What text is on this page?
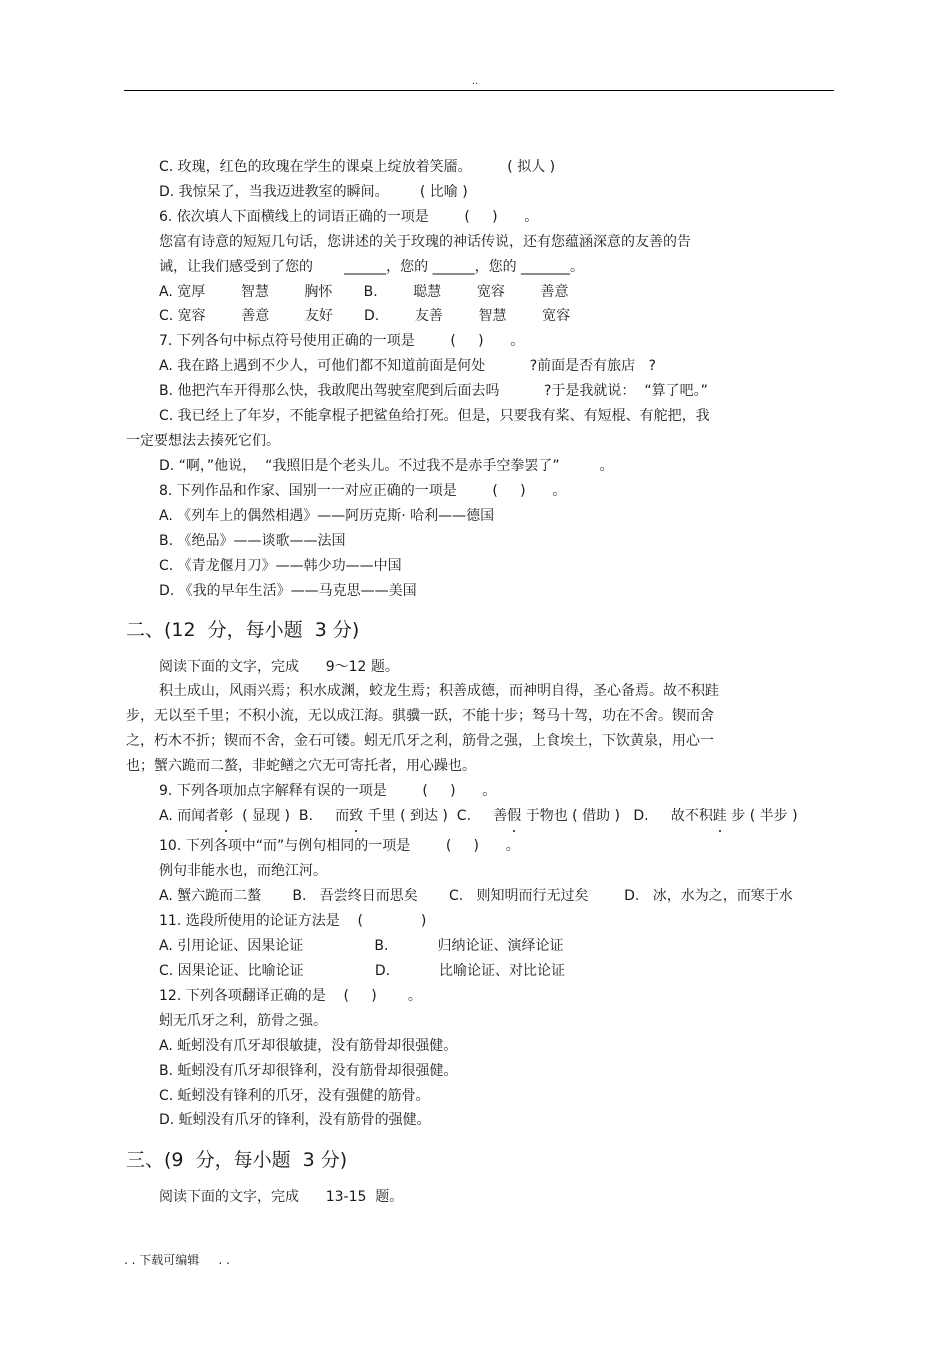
..
C. 玫瑰，红色的玫瑰在学生的课桌上绽放着笑靥。        ( 拟人 )
D. 我惊呆了，当我迈进教室的瞬间。       ( 比喻 )
6. 依次填人下面横线上的词语正确的一项是        (     )      。
您富有诗意的短短几句话，您讲述的关于玫瑰的神话传说，还有您蕴涵深意的友善的告
诫，让我们感受到了您的       ______，您的 ______，您的 _______。
A. 宽厚        智慧        胸怀       B.        聪慧        宽容        善意
C. 宽容        善意        友好       D.        友善        智慧        宽容
7. 下列各句中标点符号使用正确的一项是        (     )      。
A. 我在路上遇到不少人，可他们都不知道前面是何处          ?前面是否有旅店   ?
B. 他把汽车开得那么快，我敢爬出驾驶室爬到后面去吗          ?于是我就说：  “算了吧。”
C. 我已经上了年岁，不能拿棍子把鲨鱼给打死。但是，只要我有桨、有短棍、有舵把，我
一定要想法去揍死它们。
D. “啊，”他说，  “我照旧是个老头儿。不过我不是赤手空拳罢了”         。
8. 下列作品和作家、国别一一对应正确的一项是        (     )      。
A. 《列车上的偶然相遇》——阿历克斯· 哈利——德国
B. 《绝品》——谈歌——法国
C. 《青龙偃月刀》——韩少功——中国
D. 《我的早年生活》——马克思——美国
二、(12  分，每小题  3 分)
阅读下面的文字，完成      9～12 题。
积土成山，风雨兴焉；积水成渊，蛟龙生焉；积善成德，而神明自得，圣心备焉。故不积跬
步，无以至千里；不积小流，无以成江海。骐骥一跃，不能十步；驽马十驾，功在不舍。锲而舍
之，朽木不折；锲而不舍，金石可镂。蚓无爪牙之利，筋骨之强，上食埃土，下饮黄泉，用心一
也；蟹六跪而二螯，非蛇鳝之穴无可寄托者，用心躁也。
9. 下列各项加点字解释有误的一项是        (     )      。
A. 而闻者彰  ( 显现 )  B.     而致 千里 ( 到达 )  C.     善假 于物也 ( 借助 )   D.     故不积跬 步 ( 半步 )
10. 下列各项中“而”与例句相同的一项是        (     )      。
例句非能水也，而绝江河。
A. 蟹六跪而二螯       B.   吾尝终日而思矣       C.   则知明而行无过矣        D.   冰，水为之，而寒于水
11. 选段所使用的论证方法是    (             )
A. 引用论证、因果论证                B.           归纳论证、演绎论证
C. 因果论证、比喻论证                D.           比喻论证、对比论证
12. 下列各项翻译正确的是    (     )       。
蚓无爪牙之利，筋骨之强。
A. 蚯蚓没有爪牙却很敏捷，没有筋骨却很强健。
B. 蚯蚓没有爪牙却很锋利，没有筋骨却很强健。
C. 蚯蚓没有锋利的爪牙，没有强健的筋骨。
D. 蚯蚓没有爪牙的锋利，没有筋骨的强健。
三、(9  分，每小题  3 分)
阅读下面的文字，完成      13-15  题。
. . 下载可编辑     . .
